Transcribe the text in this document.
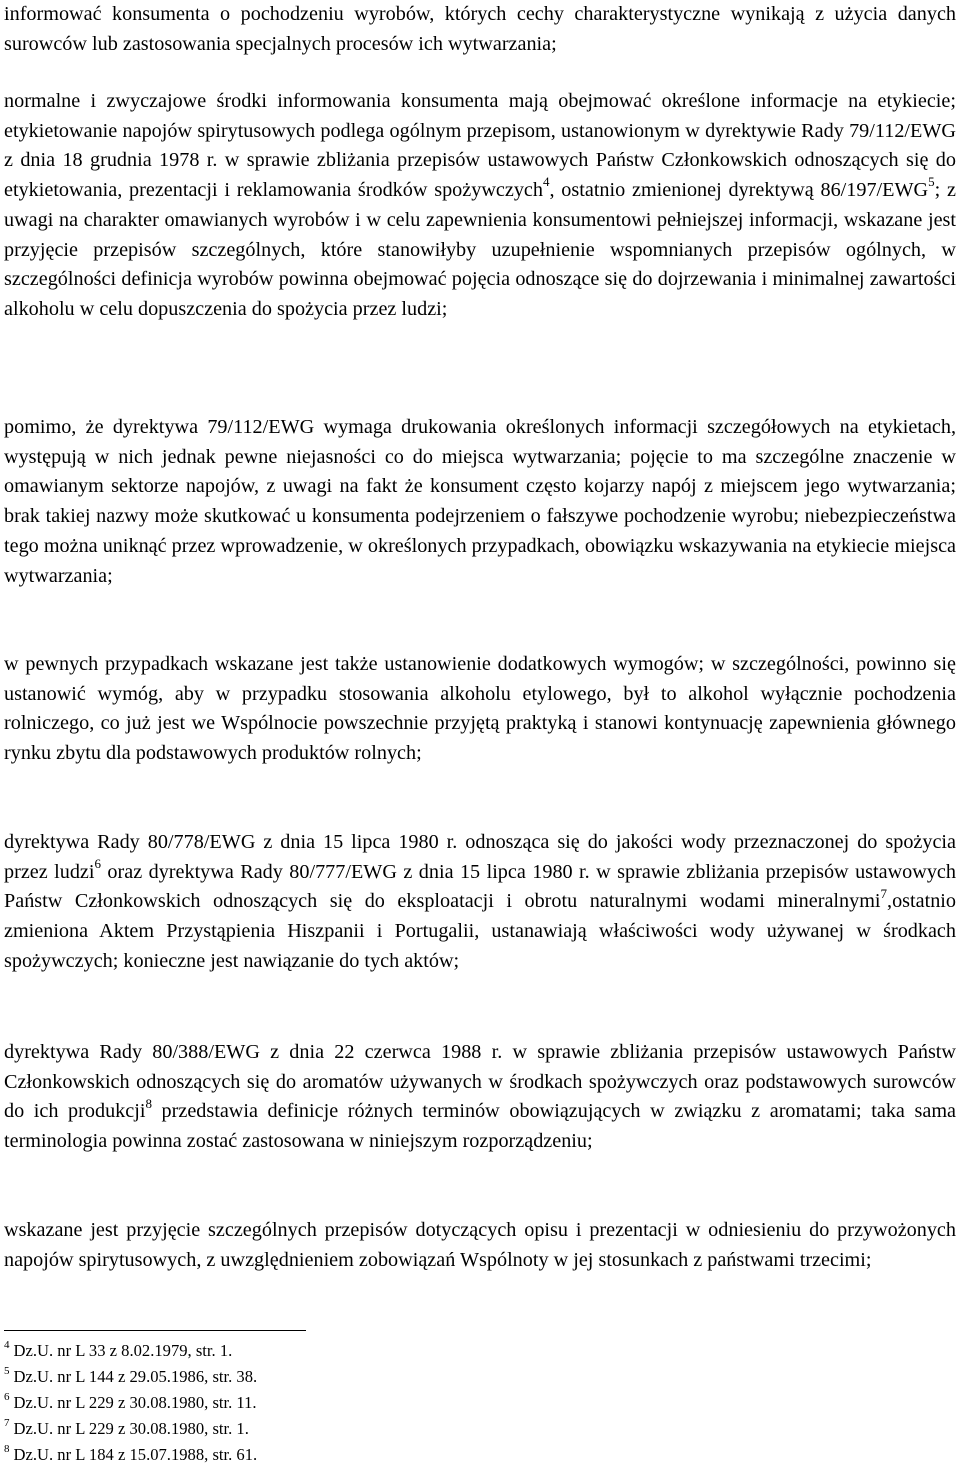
informować konsumenta o pochodzeniu wyrobów, których cechy charakterystyczne wynikają z użycia danych surowców lub zastosowania specjalnych procesów ich wytwarzania;

normalne i zwyczajowe środki informowania konsumenta mają obejmować określone informacje na etykiecie; etykietowanie napojów spirytusowych podlega ogólnym przepisom, ustanowionym w dyrektywie Rady 79/112/EWG z dnia 18 grudnia 1978 r. w sprawie zbliżania przepisów ustawowych Państw Członkowskich odnoszących się do etykietowania, prezentacji i reklamowania środków spożywczych$^4$, ostatnio zmienionej dyrektywą 86/197/EWG$^5$; z uwagi na charakter omawianych wyrobów i w celu zapewnienia konsumentowi pełniejszej informacji, wskazane jest przyjęcie przepisów szczególnych, które stanowiłyby uzupełnienie wspomnianych przepisów ogólnych, w szczególności definicja wyrobów powinna obejmować pojęcia odnoszące się do dojrzewania i minimalnej zawartości alkoholu w celu dopuszczenia do spożycia przez ludzi;

pomimo, że dyrektywa 79/112/EWG wymaga drukowania określonych informacji szczegółowych na etykietach, występują w nich jednak pewne niejasności co do miejsca wytwarzania; pojęcie to ma szczególne znaczenie w omawianym sektorze napojów, z uwagi na fakt że konsument często kojarzy napój z miejscem jego wytwarzania; brak takiej nazwy może skutkować u konsumenta podejrzeniem o fałszywe pochodzenie wyrobu; niebezpieczeństwa tego można uniknąć przez wprowadzenie, w określonych przypadkach, obowiązku wskazywania na etykiecie miejsca wytwarzania;

w pewnych przypadkach wskazane jest także ustanowienie dodatkowych wymogów; w szczególności, powinno się ustanowić wymóg, aby w przypadku stosowania alkoholu etylowego, był to alkohol wyłącznie pochodzenia rolniczego, co już jest we Wspólnocie powszechnie przyjętą praktyką i stanowi kontynuację zapewnienia głównego rynku zbytu dla podstawowych produktów rolnych;

dyrektywa Rady 80/778/EWG z dnia 15 lipca 1980 r. odnosząca się do jakości wody przeznaczonej do spożycia przez ludzi$^6$ oraz dyrektywa Rady 80/777/EWG z dnia 15 lipca 1980 r. w sprawie zbliżania przepisów ustawowych Państw Członkowskich odnoszących się do eksploatacji i obrotu naturalnymi wodami mineralnymi$^7$,ostatnio zmieniona Aktem Przystąpienia Hiszpanii i Portugalii, ustanawiają właściwości wody używanej w środkach spożywczych; konieczne jest nawiązanie do tych aktów;

dyrektywa Rady 80/388/EWG z dnia 22 czerwca 1988 r. w sprawie zbliżania przepisów ustawowych Państw Członkowskich odnoszących się do aromatów używanych w środkach spożywczych oraz podstawowych surowców do ich produkcji$^8$ przedstawia definicje różnych terminów obowiązujących w związku z aromatami; taka sama terminologia powinna zostać zastosowana w niniejszym rozporządzeniu;

wskazane jest przyjęcie szczególnych przepisów dotyczących opisu i prezentacji w odniesieniu do przywożonych napojów spirytusowych, z uwzględnieniem zobowiązań Wspólnoty w jej stosunkach z państwami trzecimi;

$^4$ Dz.U. nr L 33 z 8.02.1979, str. 1.
$^5$ Dz.U. nr L 144 z 29.05.1986, str. 38.
$^6$ Dz.U. nr L 229 z 30.08.1980, str. 11.
$^7$ Dz.U. nr L 229 z 30.08.1980, str. 1.
$^8$ Dz.U. nr L 184 z 15.07.1988, str. 61.
